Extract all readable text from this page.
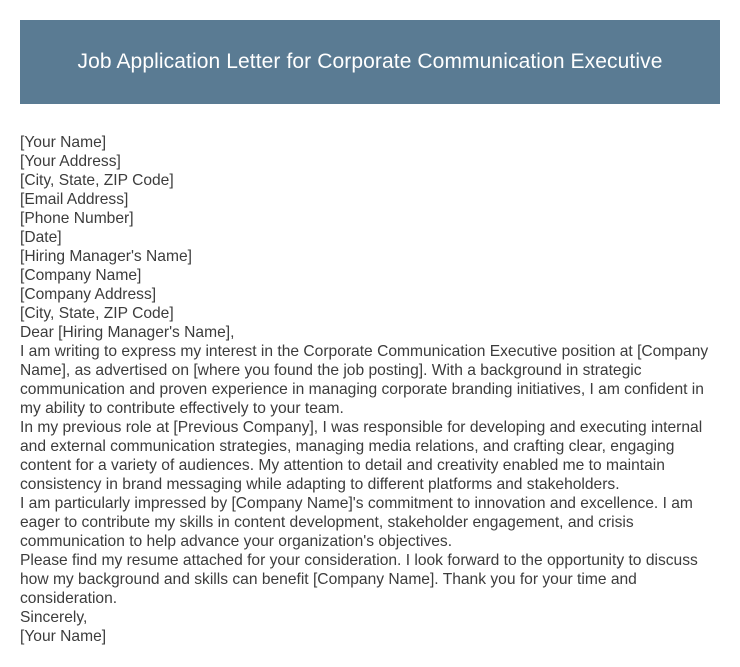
Job Application Letter for Corporate Communication Executive
[Your Name]
[Your Address]
[City, State, ZIP Code]
[Email Address]
[Phone Number]
[Date]
[Hiring Manager's Name]
[Company Name]
[Company Address]
[City, State, ZIP Code]
Dear [Hiring Manager's Name],
I am writing to express my interest in the Corporate Communication Executive position at [Company Name], as advertised on [where you found the job posting]. With a background in strategic communication and proven experience in managing corporate branding initiatives, I am confident in my ability to contribute effectively to your team.
In my previous role at [Previous Company], I was responsible for developing and executing internal and external communication strategies, managing media relations, and crafting clear, engaging content for a variety of audiences. My attention to detail and creativity enabled me to maintain consistency in brand messaging while adapting to different platforms and stakeholders.
I am particularly impressed by [Company Name]'s commitment to innovation and excellence. I am eager to contribute my skills in content development, stakeholder engagement, and crisis communication to help advance your organization's objectives.
Please find my resume attached for your consideration. I look forward to the opportunity to discuss how my background and skills can benefit [Company Name]. Thank you for your time and consideration.
Sincerely,
[Your Name]
